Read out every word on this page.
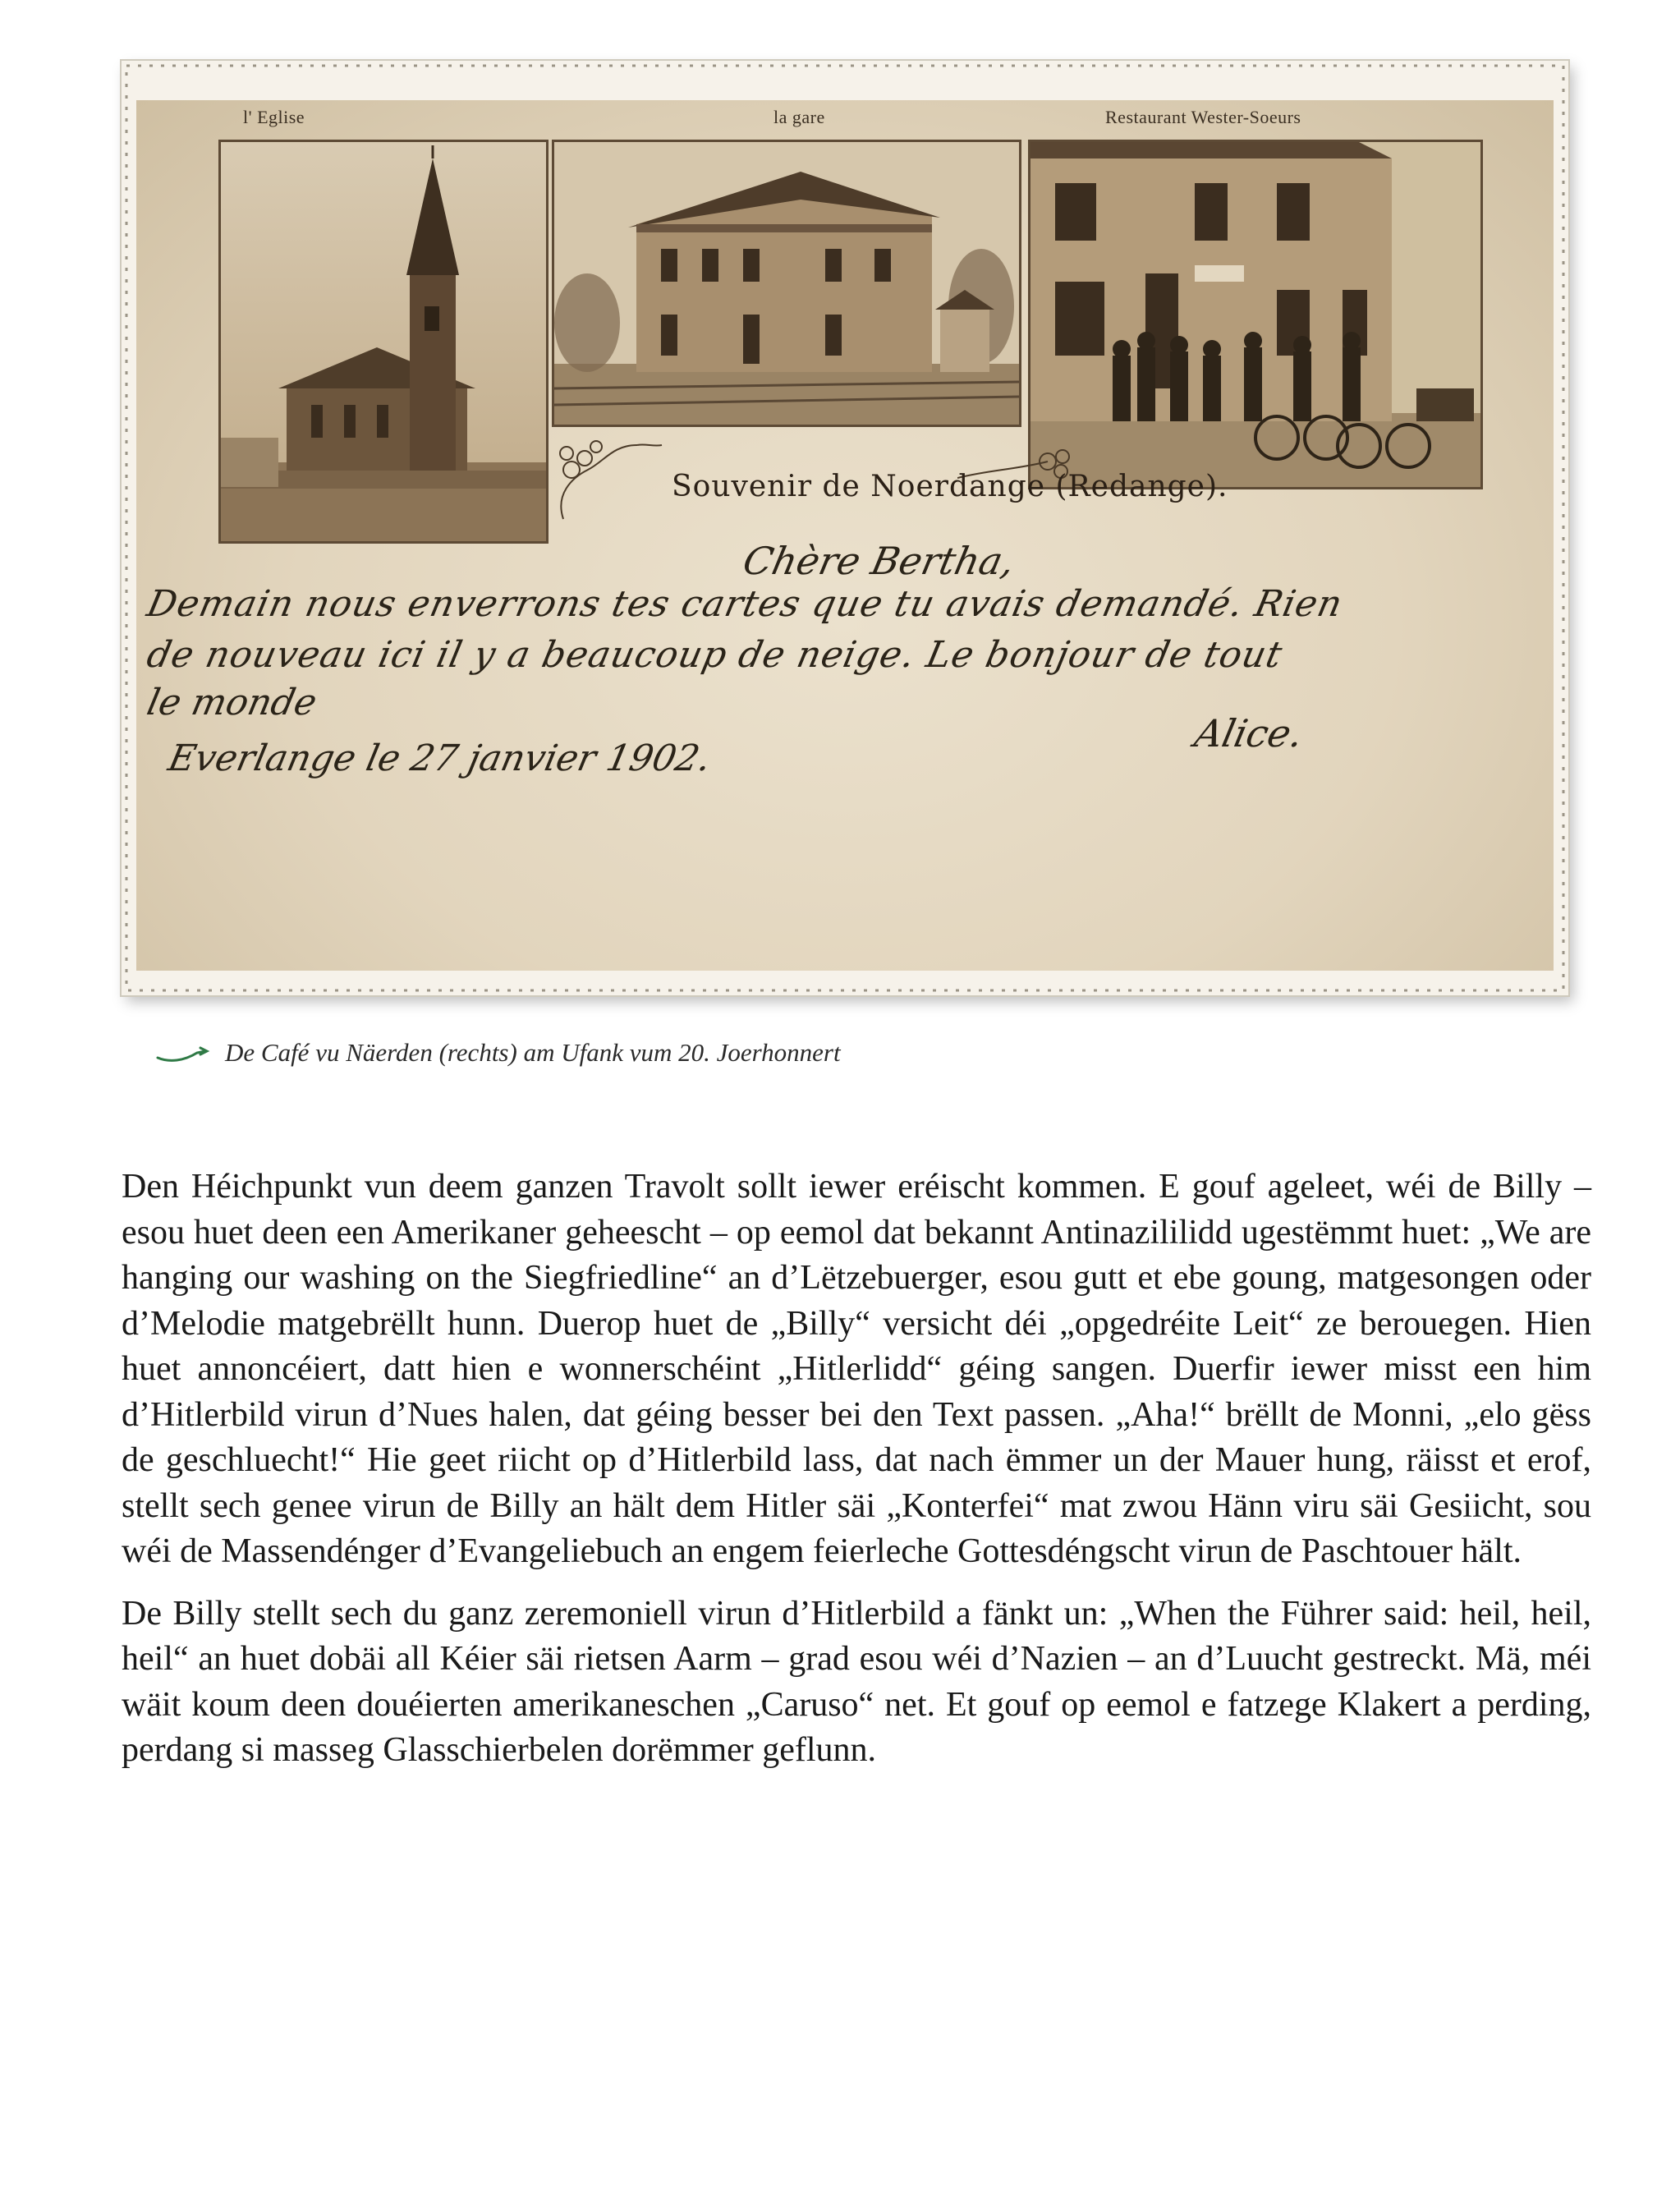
l' Eglise	la gare	Restaurant Wester-Soeurs
Souvenir de Noerdange (Redange).
Chère Bertha,
Demain nous enverrons tes cartes que tu avais demandé. Rien
de nouveau ici il y a beaucoup de neige. Le bonjour de tout
le monde
Everlange le 27 janvier 1902.
Alice.
De Café vu Näerden (rechts) am Ufank vum 20. Joerhonnert

Den Héichpunkt vun deem ganzen Travolt sollt iewer eréischt kommen. E gouf ageleet, wéi de Billy – esou huet deen een Amerikaner geheescht – op eemol dat bekannt Antinazililidd ugestëmmt huet: „We are hanging our washing on the Siegfriedline“ an d’Lëtzebuerger, esou gutt et ebe goung, matgesongen oder d’Melodie matgebrëllt hunn. Duerop huet de „Billy“ versicht déi „opgedréite Leit“ ze berouegen. Hien huet annoncéiert, datt hien e wonnerschéint „Hitlerlidd“ géing sangen. Duerfir iewer misst een him d’Hitlerbild virun d’Nues halen, dat géing besser bei den Text passen. „Aha!“ brëllt de Monni, „elo gëss de geschluecht!“ Hie geet riicht op d’Hitlerbild lass, dat nach ëmmer un der Mauer hung, räisst et erof, stellt sech genee virun de Billy an hält dem Hitler säi „Konterfei“ mat zwou Hänn viru säi Gesiicht, sou wéi de Massendénger d’Evangeliebuch an engem feierleche Gottesdéngscht virun de Paschtouer hält.

De Billy stellt sech du ganz zeremoniell virun d’Hitlerbild a fänkt un: „When the Führer said: heil, heil, heil“ an huet dobäi all Kéier säi rietsen Aarm – grad esou wéi d’Nazien – an d’Luucht gestreckt. Mä, méi wäit koum deen douéierten amerikaneschen „Caruso“ net. Et gouf op eemol e fatzege Klakert a perding, perdang si masseg Glasschierbelen dorëmmer geflunn.
